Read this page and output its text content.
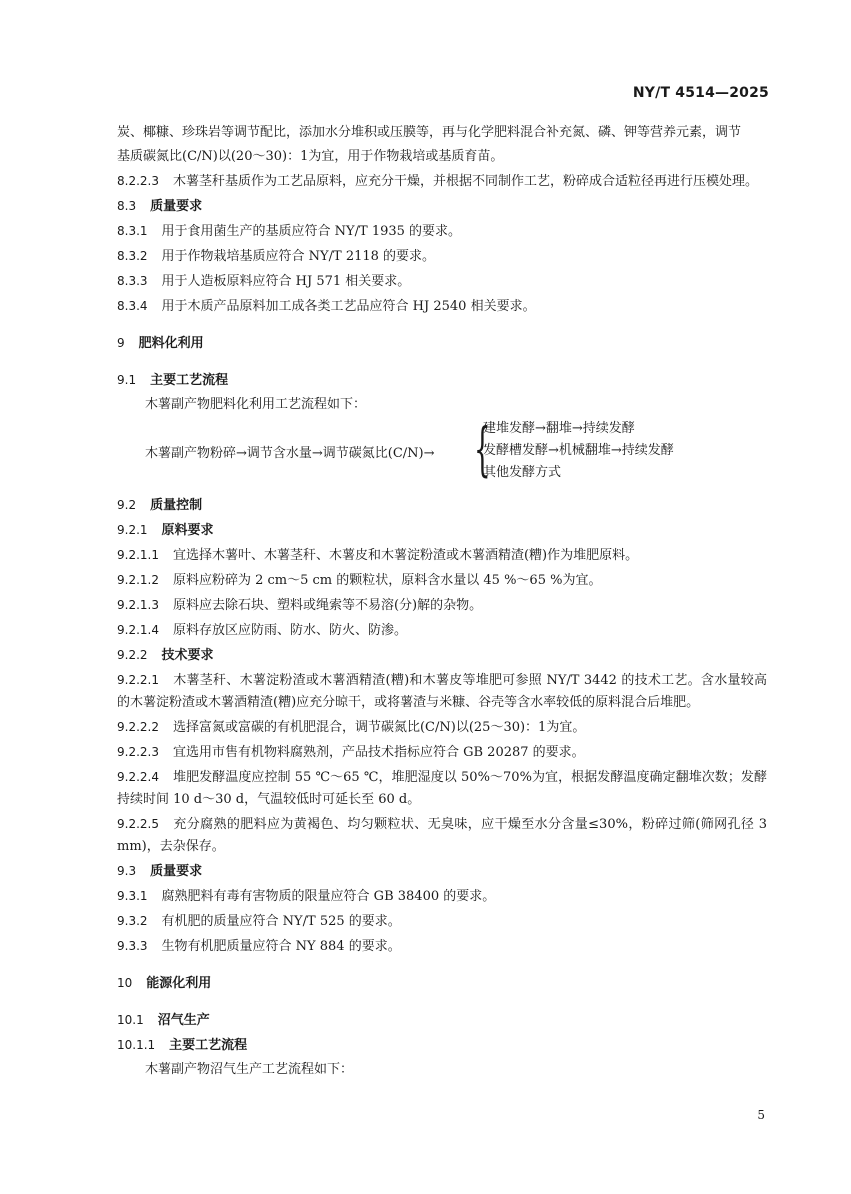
NY/T 4514—2025

炭、椰糠、珍珠岩等调节配比，添加水分堆积或压膜等，再与化学肥料混合补充氮、磷、钾等营养元素，调节

基质碳氮比(C/N)以(20～30)：1为宜，用于作物栽培或基质育苗。

8.2.2.3 木薯茎秆基质作为工艺品原料，应充分干燥，并根据不同制作工艺，粉碎成合适粒径再进行压模处理。

8.3 质量要求

8.3.1 用于食用菌生产的基质应符合 NY/T 1935 的要求。

8.3.2 用于作物栽培基质应符合 NY/T 2118 的要求。

8.3.3 用于人造板原料应符合 HJ 571 相关要求。

8.3.4 用于木质产品原料加工成各类工艺品应符合 HJ 2540 相关要求。

9 肥料化利用
9.1 主要工艺流程

木薯副产物肥料化利用工艺流程如下：

木薯副产物粉碎→调节含水量→调节碳氮比(C/N)→ {
建堆发酵→翻堆→持续发酵
发酵槽发酵→机械翻堆→持续发酵
其他发酵方式
9.2 质量控制
9.2.1 原料要求

9.2.1.1 宜选择木薯叶、木薯茎秆、木薯皮和木薯淀粉渣或木薯酒精渣(糟)作为堆肥原料。

9.2.1.2 原料应粉碎为 2 cm～5 cm 的颗粒状，原料含水量以 45 %～65 %为宜。

9.2.1.3 原料应去除石块、塑料或绳索等不易溶(分)解的杂物。

9.2.1.4 原料存放区应防雨、防水、防火、防渗。

9.2.2 技术要求

9.2.2.1 木薯茎秆、木薯淀粉渣或木薯酒精渣(糟)和木薯皮等堆肥可参照 NY/T 3442 的技术工艺。含水量较高的木薯淀粉渣或木薯酒精渣(糟)应充分晾干，或将薯渣与米糠、谷壳等含水率较低的原料混合后堆肥。

9.2.2.2 选择富氮或富碳的有机肥混合，调节碳氮比(C/N)以(25～30)：1为宜。

9.2.2.3 宜选用市售有机物料腐熟剂，产品技术指标应符合 GB 20287 的要求。

9.2.2.4 堆肥发酵温度应控制 55 ℃～65 ℃，堆肥湿度以 50%～70%为宜，根据发酵温度确定翻堆次数；发酵持续时间 10 d～30 d，气温较低时可延长至 60 d。

9.2.2.5 充分腐熟的肥料应为黄褐色、均匀颗粒状、无臭味，应干燥至水分含量≤30%，粉碎过筛(筛网孔径 3 mm)，去杂保存。

9.3 质量要求

9.3.1 腐熟肥料有毒有害物质的限量应符合 GB 38400 的要求。

9.3.2 有机肥的质量应符合 NY/T 525 的要求。

9.3.3 生物有机肥质量应符合 NY 884 的要求。

10 能源化利用
10.1 沼气生产
10.1.1 主要工艺流程

木薯副产物沼气生产工艺流程如下：

5
